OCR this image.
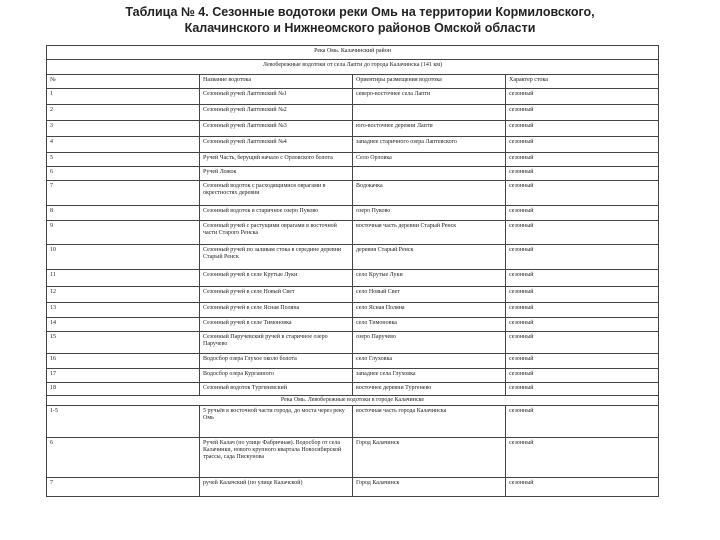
Таблица № 4. Сезонные водотоки реки Омь на территории Кормиловского,
Калачинского и Нижнеомского районов Омской области
Река Омь. Калачинский район			
Левобережные водотоки от села Лапти до города Калачинска (141 км)			
№	Название водотока	Ориентиры размещения водотока	Характер стока
1	Сезонный ручей Лаптевский №1	северо-восточнее села Лапти	сезонный
2	Сезонный ручей Лаптевский №2		сезонный
3	Сезонный ручей Лаптевский №3	юго-восточнее деревни Лапти	сезонный
4	Сезонный ручей Лаптевский №4	западнее старичного озера Лаптевского	сезонный
5	Ручей Часть, берущий начало с Орловского болота	Село Орловка	сезонный
6	Ручей Ложок		сезонный
7	Сезонный водоток с расходящимися оврагами в окрестностях деревни	Водокачка	сезонный
8	Сезонный водоток в старичное озеро Пуково	озеро Пуково	сезонный
9	Сезонный ручей с растущими оврагами в восточной части Старого Ренска	восточная часть деревни Старый Ренск	сезонный
10	Сезонный ручей по заливам стока в середине деревни Старый Ренск	деревня Старый Ренск	сезонный
11	Сезонный ручей в селе Крутые Луки	село Крутые Луки	сезонный
12	Сезонный ручей в селе Новый Свет	село Новый Свет	сезонный
13	Сезонный ручей в селе Ясная Поляна	село Ясная Поляна	сезонный
14	Сезонный ручей в селе Тимоновка	село Тимоновка	сезонный
15	Сезонный Паручевский ручей в старичное озеро Паручево	озеро Паручево	сезонный
16	Водосбор озера Глухое около болота	село Глуховка	сезонный
17	Водосбор озера Курганного	западнее села Глуховка	сезонный
18	Сезонный водоток Тургеневский	восточнее деревни Тургенево	сезонный
Река Омь. Левобережные водотоки в городе Калачинске			
1-5	5 ручьёв в восточной части города, до моста через реку Омь	восточная часть города Калачинска	сезонный
6	Ручей Калач (по улице Фабричная). Водосбор от села Калачинки, нового крупного квартала Новосибирской трассы, сада Пискунова	Город Калачинск	сезонный
7	ручей Калачский (по улице Калачской)	Город Калачинск	сезонный
